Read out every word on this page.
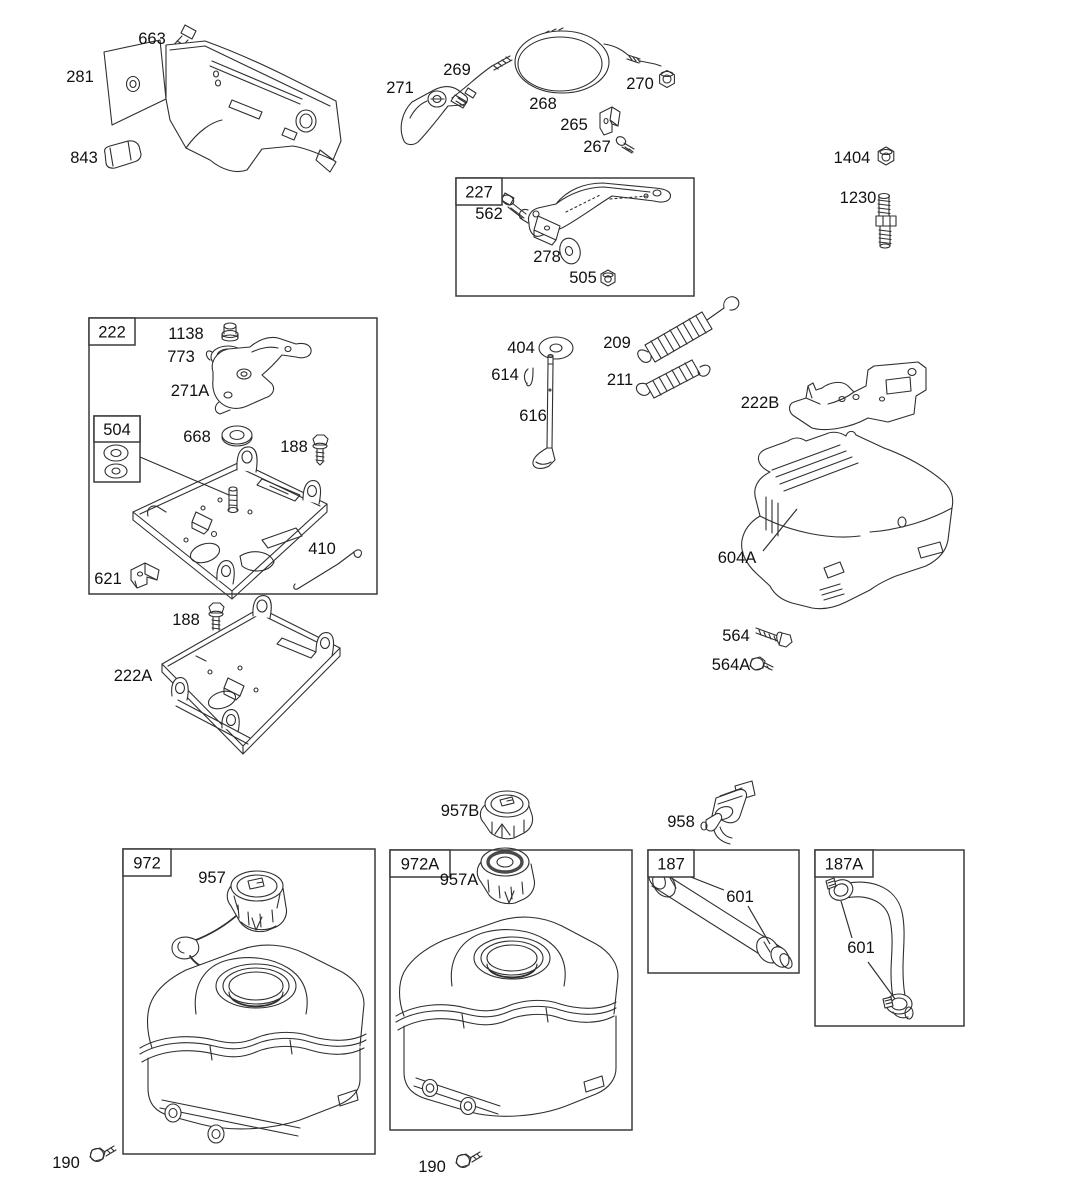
227
222
504
972	972A	187	187A
663
281
843
271
269
268
270
265
267
1404
1230
562
278
505
1138
773
271A
668
188
410
621
404
614
616
209
211
222B
604A
564
564A
188
222A
957B
958
957	957A
601
601
190	190
